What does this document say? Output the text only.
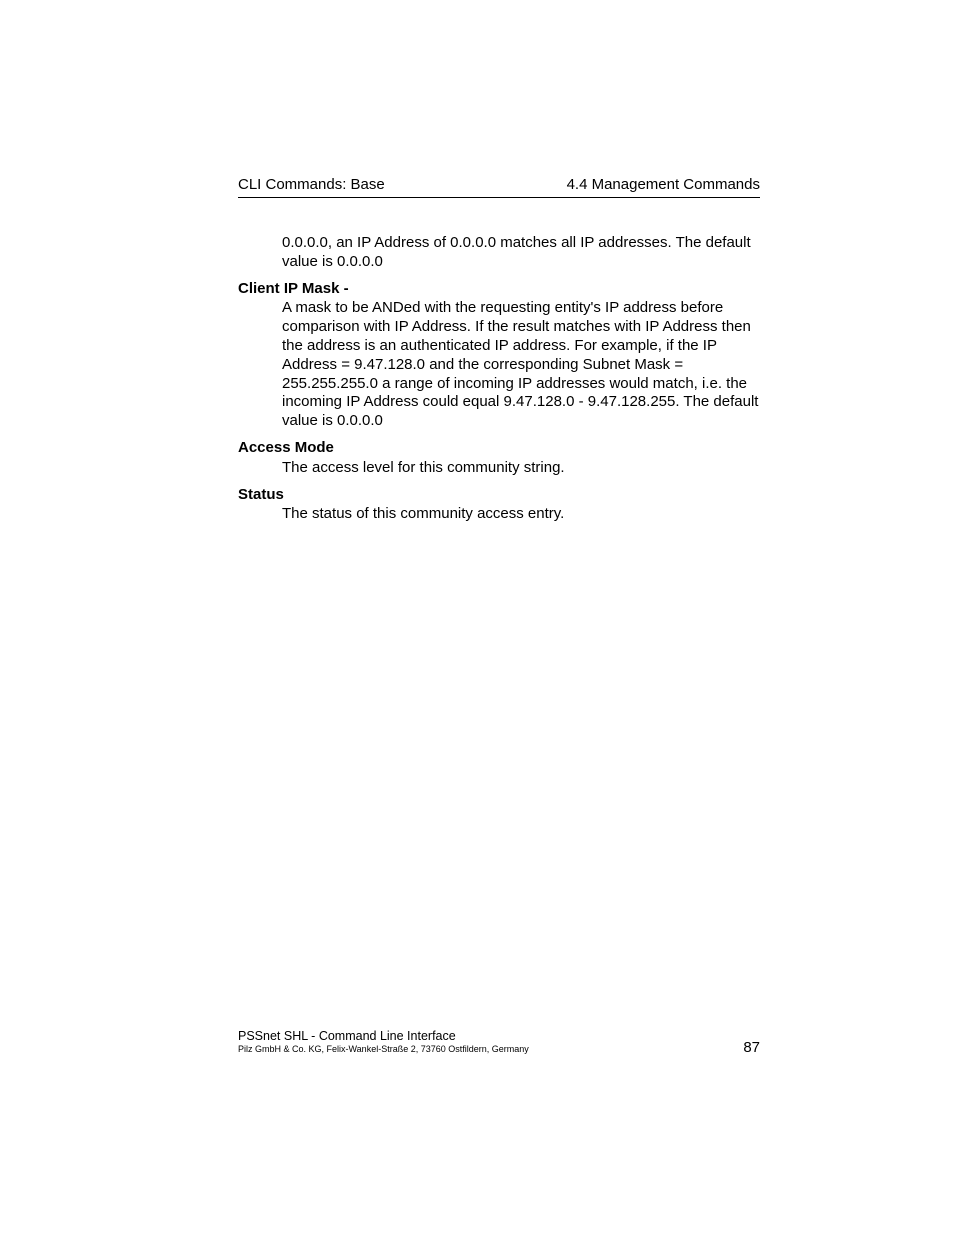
CLI Commands: Base	4.4 Management Commands

0.0.0.0, an IP Address of 0.0.0.0 matches all IP addresses. The default value is 0.0.0.0

Client IP Mask -

A mask to be ANDed with the requesting entity's IP address before comparison with IP Address. If the result matches with IP Address then the address is an authenticated IP address. For example, if the IP Address = 9.47.128.0 and the corresponding Subnet Mask = 255.255.255.0 a range of incoming IP addresses would match, i.e. the incoming IP Address could equal 9.47.128.0 - 9.47.128.255. The default value is 0.0.0.0

Access Mode

The access level for this community string.

Status

The status of this community access entry.

PSSnet SHL - Command Line Interface
Pilz GmbH & Co. KG, Felix-Wankel-Straße 2, 73760 Ostfildern, Germany	87
